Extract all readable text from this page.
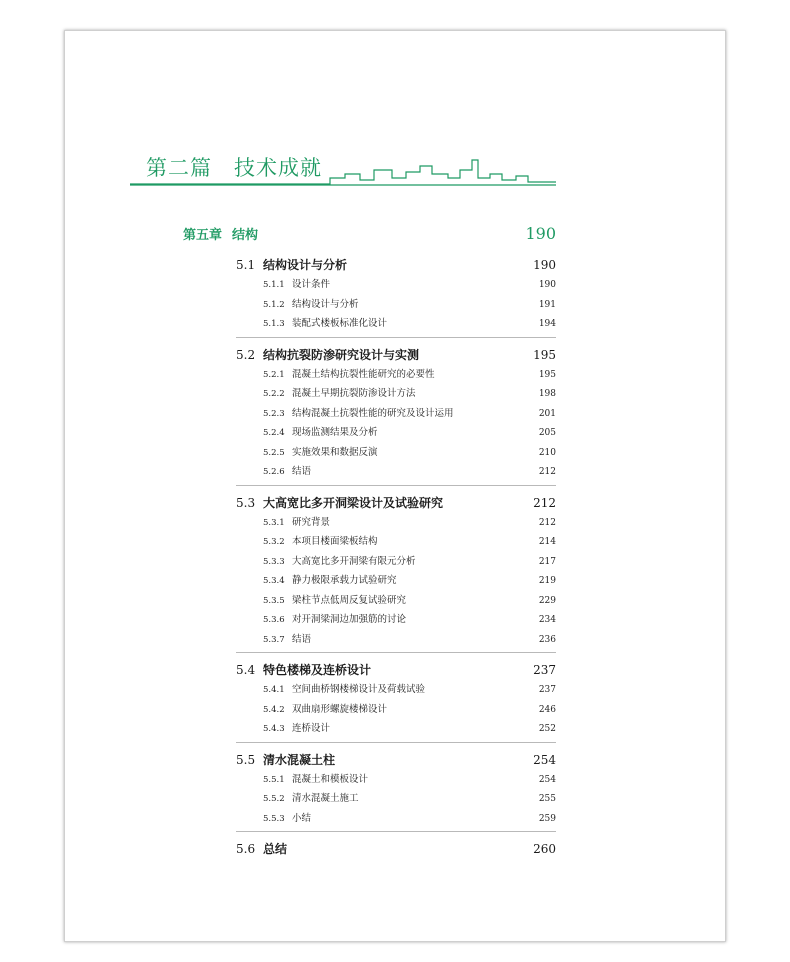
第二篇 技术成就
第五章 结构	190
5.1 结构设计与分析	190
5.1.1 设计条件	190
5.1.2 结构设计与分析	191
5.1.3 装配式楼板标准化设计	194
5.2 结构抗裂防渗研究设计与实测	195
5.2.1 混凝土结构抗裂性能研究的必要性	195
5.2.2 混凝土早期抗裂防渗设计方法	198
5.2.3 结构混凝土抗裂性能的研究及设计运用	201
5.2.4 现场监测结果及分析	205
5.2.5 实施效果和数据反演	210
5.2.6 结语	212
5.3 大高宽比多开洞梁设计及试验研究	212
5.3.1 研究背景	212
5.3.2 本项目楼面梁板结构	214
5.3.3 大高宽比多开洞梁有限元分析	217
5.3.4 静力极限承载力试验研究	219
5.3.5 梁柱节点低周反复试验研究	229
5.3.6 对开洞梁洞边加强筋的讨论	234
5.3.7 结语	236
5.4 特色楼梯及连桥设计	237
5.4.1 空间曲桥钢楼梯设计及荷载试验	237
5.4.2 双曲扇形螺旋楼梯设计	246
5.4.3 连桥设计	252
5.5 清水混凝土柱	254
5.5.1 混凝土和模板设计	254
5.5.2 清水混凝土施工	255
5.5.3 小结	259
5.6 总结	260
